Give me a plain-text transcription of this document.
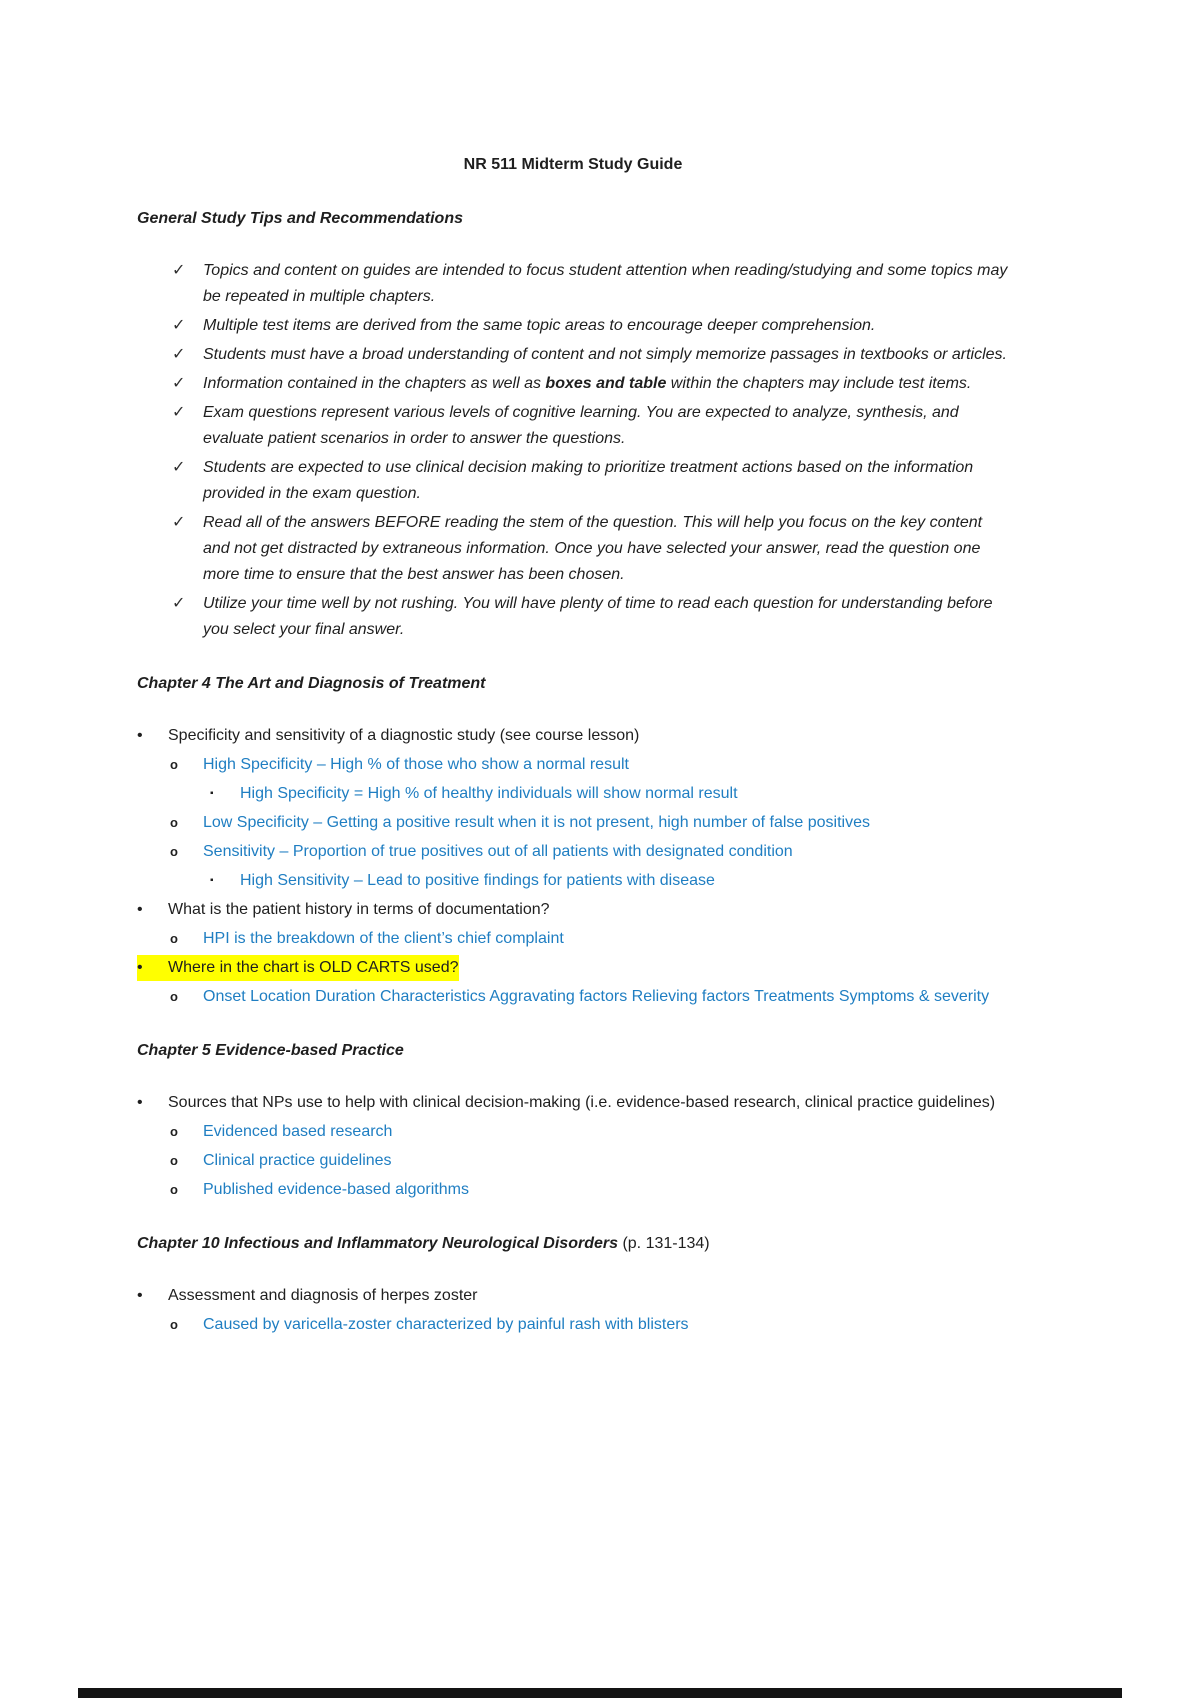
NR 511 Midterm Study Guide
General Study Tips and Recommendations
✓	Topics and content on guides are intended to focus student attention when reading/studying and some topics may be repeated in multiple chapters.
✓	Multiple test items are derived from the same topic areas to encourage deeper comprehension.
✓	Students must have a broad understanding of content and not simply memorize passages in textbooks or articles.
✓	Information contained in the chapters as well as boxes and table within the chapters may include test items.
✓	Exam questions represent various levels of cognitive learning. You are expected to analyze, synthesis, and evaluate patient scenarios in order to answer the questions.
✓	Students are expected to use clinical decision making to prioritize treatment actions based on the information provided in the exam question.
✓	Read all of the answers BEFORE reading the stem of the question. This will help you focus on the key content and not get distracted by extraneous information. Once you have selected your answer, read the question one more time to ensure that the best answer has been chosen.
✓	Utilize your time well by not rushing. You will have plenty of time to read each question for understanding before you select your final answer.
Chapter 4 The Art and Diagnosis of Treatment
•	Specificity and sensitivity of a diagnostic study (see course lesson)
o	High Specificity – High % of those who show a normal result
▪	High Specificity = High % of healthy individuals will show normal result
o	Low Specificity – Getting a positive result when it is not present, high number of false positives
o	Sensitivity – Proportion of true positives out of all patients with designated condition
▪	High Sensitivity – Lead to positive findings for patients with disease
•	What is the patient history in terms of documentation?
o	HPI is the breakdown of the client’s chief complaint
•	Where in the chart is OLD CARTS used?
o	Onset Location Duration Characteristics Aggravating factors Relieving factors Treatments Symptoms & severity
Chapter 5 Evidence-based Practice
•	Sources that NPs use to help with clinical decision-making (i.e. evidence-based research, clinical practice guidelines)
o	Evidenced based research
o	Clinical practice guidelines
o	Published evidence-based algorithms
Chapter 10 Infectious and Inflammatory Neurological Disorders (p. 131-134)
•	Assessment and diagnosis of herpes zoster
o	Caused by varicella-zoster characterized by painful rash with blisters
